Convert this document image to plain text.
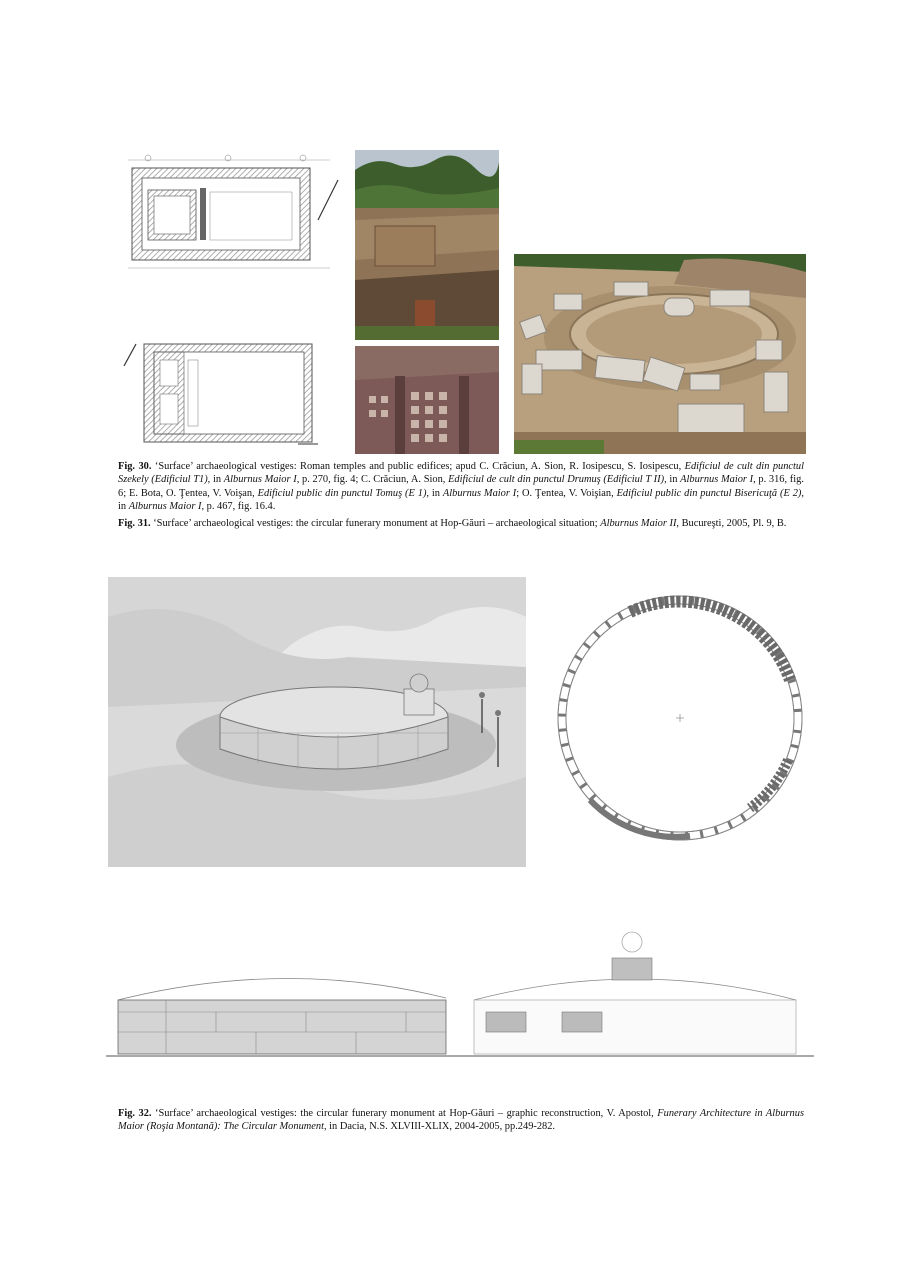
Fig. 30. ‘Surface’ archaeological vestiges: Roman temples and public edifices; apud C. Crăciun, A. Sion, R. Iosipescu, S. Iosipescu, Edificiul de cult din punctul Szekely (Edificiul T1), in Alburnus Maior I, p. 270, fig. 4; C. Crăciun, A. Sion, Edificiul de cult din punctul Drumuş (Edificiul T II), in Alburnus Maior I, p. 316, fig. 6; E. Bota, O. Ţentea, V. Voişan, Edificiul public din punctul Tomuş (E 1), in Alburnus Maior I; O. Ţentea, V. Voişian, Edificiul public din punctul Bisericuţă (E 2), in Alburnus Maior I, p. 467, fig. 16.4.
Fig. 31. ‘Surface’ archaeological vestiges: the circular funerary monument at Hop-Găuri – archaeological situation; Alburnus Maior II, Bucureşti, 2005, Pl. 9, B.
Fig. 32. ‘Surface’ archaeological vestiges: the circular funerary monument at Hop-Găuri – graphic reconstruction, V. Apostol, Funerary Architecture in Alburnus Maior (Roşia Montană): The Circular Monument, in Dacia, N.S. XLVIII-XLIX, 2004-2005, pp.249-282.
